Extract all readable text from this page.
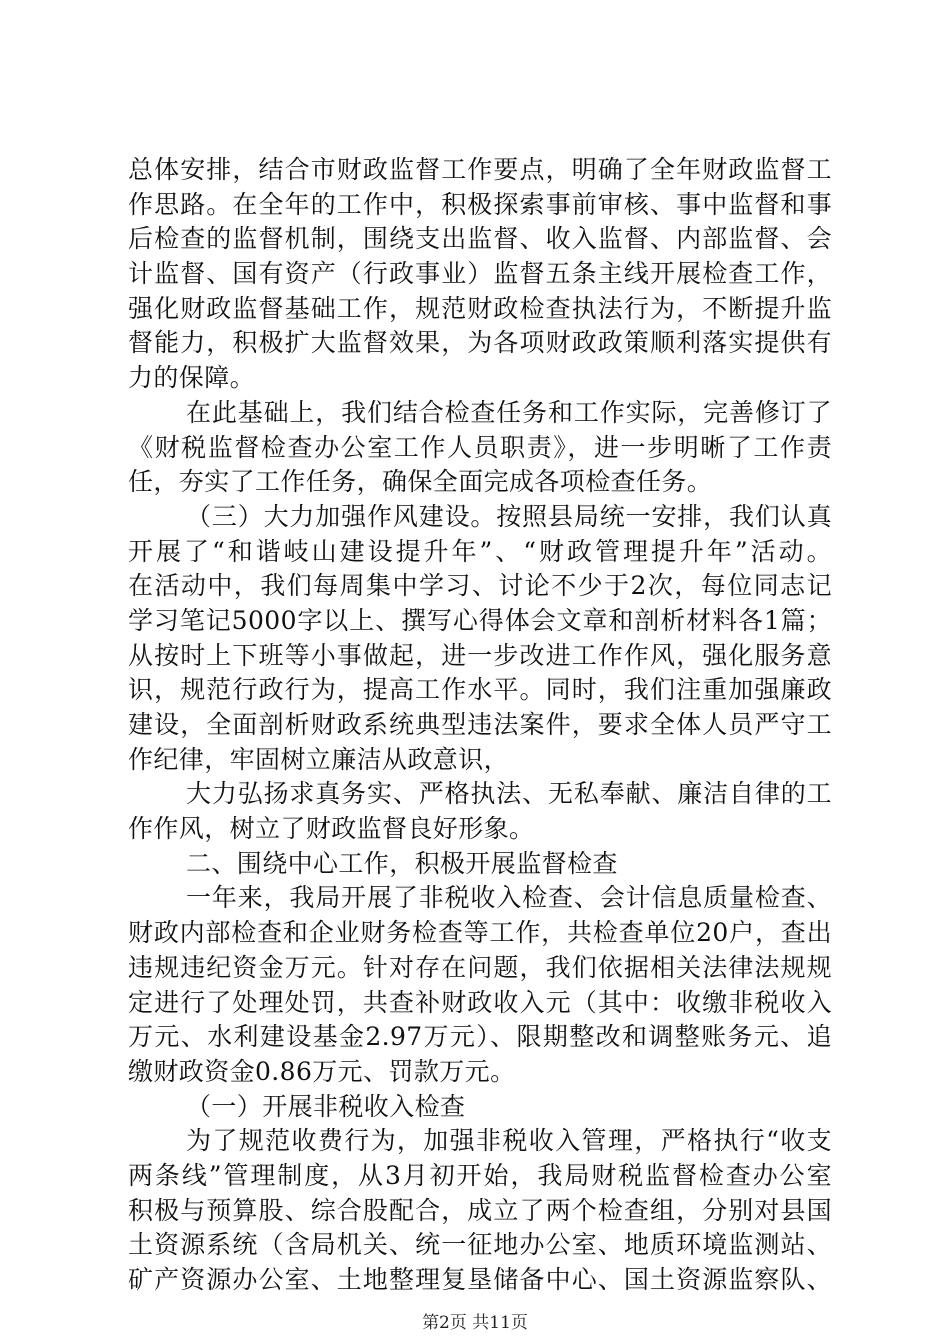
总体安排，结合市财政监督工作要点，明确了全年财政监督工
作思路。在全年的工作中，积极探索事前审核、事中监督和事
后检查的监督机制，围绕支出监督、收入监督、内部监督、会
计监督、国有资产（行政事业）监督五条主线开展检查工作，
强化财政监督基础工作，规范财政检查执法行为，不断提升监
督能力，积极扩大监督效果，为各项财政政策顺利落实提供有
力的保障。
在此基础上，我们结合检查任务和工作实际，完善修订了
《财税监督检查办公室工作人员职责》，进一步明晰了工作责
任，夯实了工作任务，确保全面完成各项检查任务。
（三）大力加强作风建设。按照县局统一安排，我们认真
开展了“和谐岐山建设提升年”、“财政管理提升年”活动。
在活动中，我们每周集中学习、讨论不少于2次，每位同志记
学习笔记5000字以上、撰写心得体会文章和剖析材料各1篇；
从按时上下班等小事做起，进一步改进工作作风，强化服务意
识，规范行政行为，提高工作水平。同时，我们注重加强廉政
建设，全面剖析财政系统典型违法案件，要求全体人员严守工
作纪律，牢固树立廉洁从政意识，
大力弘扬求真务实、严格执法、无私奉献、廉洁自律的工
作作风，树立了财政监督良好形象。
二、围绕中心工作，积极开展监督检查
一年来，我局开展了非税收入检查、会计信息质量检查、
财政内部检查和企业财务检查等工作，共检查单位20户，查出
违规违纪资金万元。针对存在问题，我们依据相关法律法规规
定进行了处理处罚，共查补财政收入元（其中：收缴非税收入
万元、水利建设基金2.97万元）、限期整改和调整账务元、追
缴财政资金0.86万元、罚款万元。
（一）开展非税收入检查
为了规范收费行为，加强非税收入管理，严格执行“收支
两条线”管理制度，从3月初开始，我局财税监督检查办公室
积极与预算股、综合股配合，成立了两个检查组，分别对县国
土资源系统（含局机关、统一征地办公室、地质环境监测站、
矿产资源办公室、土地整理复垦储备中心、国土资源监察队、
第2页 共11页
